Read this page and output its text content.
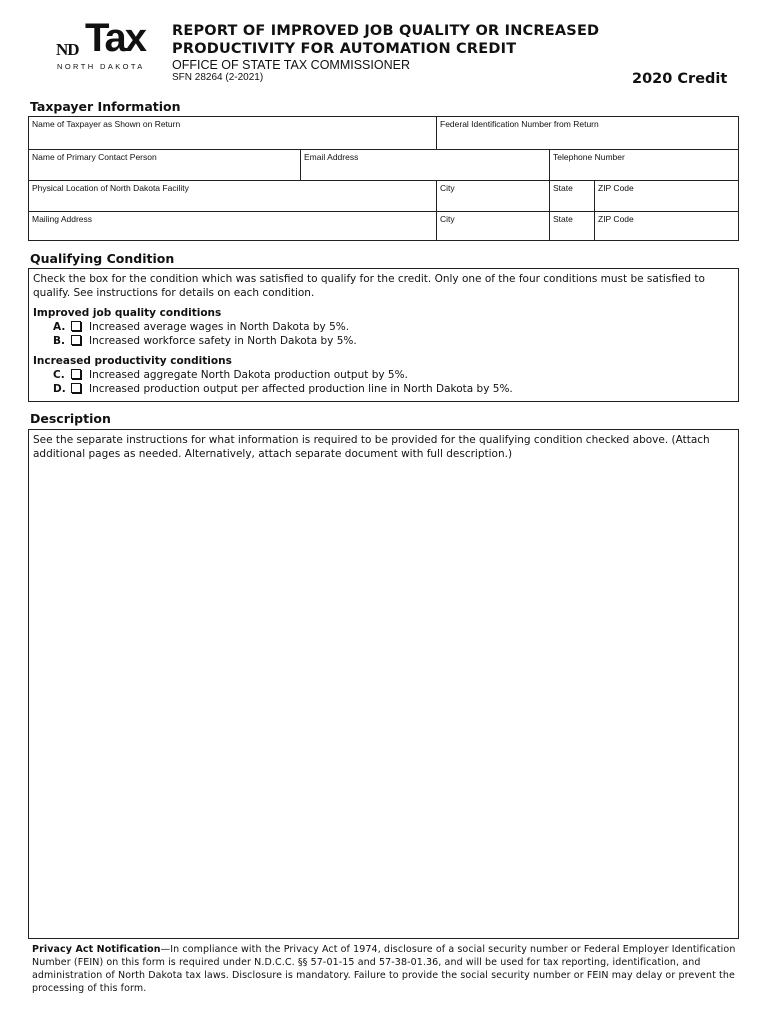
ND Tax
NORTH DAKOTA
REPORT OF IMPROVED JOB QUALITY OR INCREASED PRODUCTIVITY FOR AUTOMATION CREDIT
OFFICE OF STATE TAX COMMISSIONER
SFN 28264 (2-2021)	2020 Credit
Taxpayer Information
Name of Taxpayer as Shown on Return	Federal Identification Number from Return
Name of Primary Contact Person	Email Address	Telephone Number
Physical Location of North Dakota Facility	City	State	ZIP Code
Mailing Address	City	State	ZIP Code
Qualifying Condition
Check the box for the condition which was satisfied to qualify for the credit. Only one of the four conditions must be satisfied to qualify. See instructions for details on each condition.
Improved job quality conditions
A. Increased average wages in North Dakota by 5%.
B. Increased workforce safety in North Dakota by 5%.
Increased productivity conditions
C. Increased aggregate North Dakota production output by 5%.
D. Increased production output per affected production line in North Dakota by 5%.
Description
See the separate instructions for what information is required to be provided for the qualifying condition checked above. (Attach additional pages as needed. Alternatively, attach separate document with full description.)
Privacy Act Notification—In compliance with the Privacy Act of 1974, disclosure of a social security number or Federal Employer Identification Number (FEIN) on this form is required under N.D.C.C. §§ 57-01-15 and 57-38-01.36, and will be used for tax reporting, identification, and administration of North Dakota tax laws. Disclosure is mandatory. Failure to provide the social security number or FEIN may delay or prevent the processing of this form.
